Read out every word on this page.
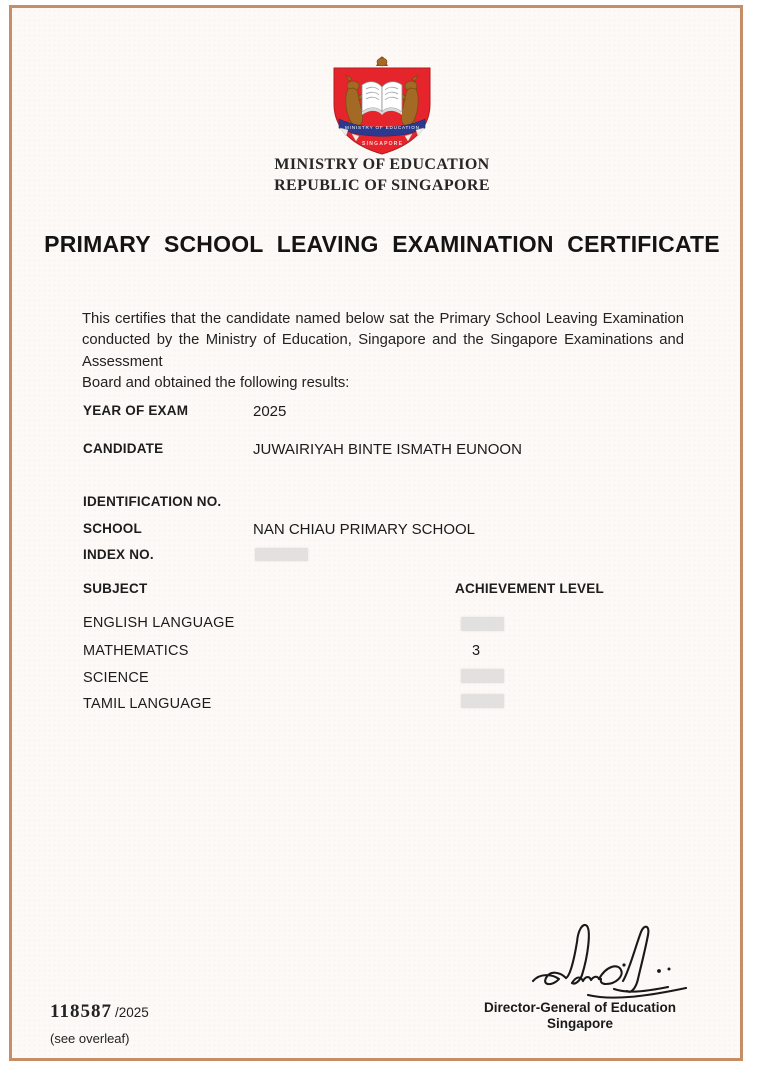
MINISTRY OF EDUCATION
SINGAPORE
MINISTRY OF EDUCATION
REPUBLIC OF SINGAPORE
PRIMARY SCHOOL LEAVING EXAMINATION CERTIFICATE
This certifies that the candidate named below sat the Primary School Leaving Examination
conducted by the Ministry of Education, Singapore and the Singapore Examinations and Assessment
Board and obtained the following results:
YEAR OF EXAM	2025
CANDIDATE	JUWAIRIYAH BINTE ISMATH EUNOON
IDENTIFICATION NO.
SCHOOL	NAN CHIAU PRIMARY SCHOOL
INDEX NO.
SUBJECT	ACHIEVEMENT LEVEL
ENGLISH LANGUAGE
MATHEMATICS	3
SCIENCE
TAMIL LANGUAGE
Director-General of Education
Singapore
118587 /2025
(see overleaf)
